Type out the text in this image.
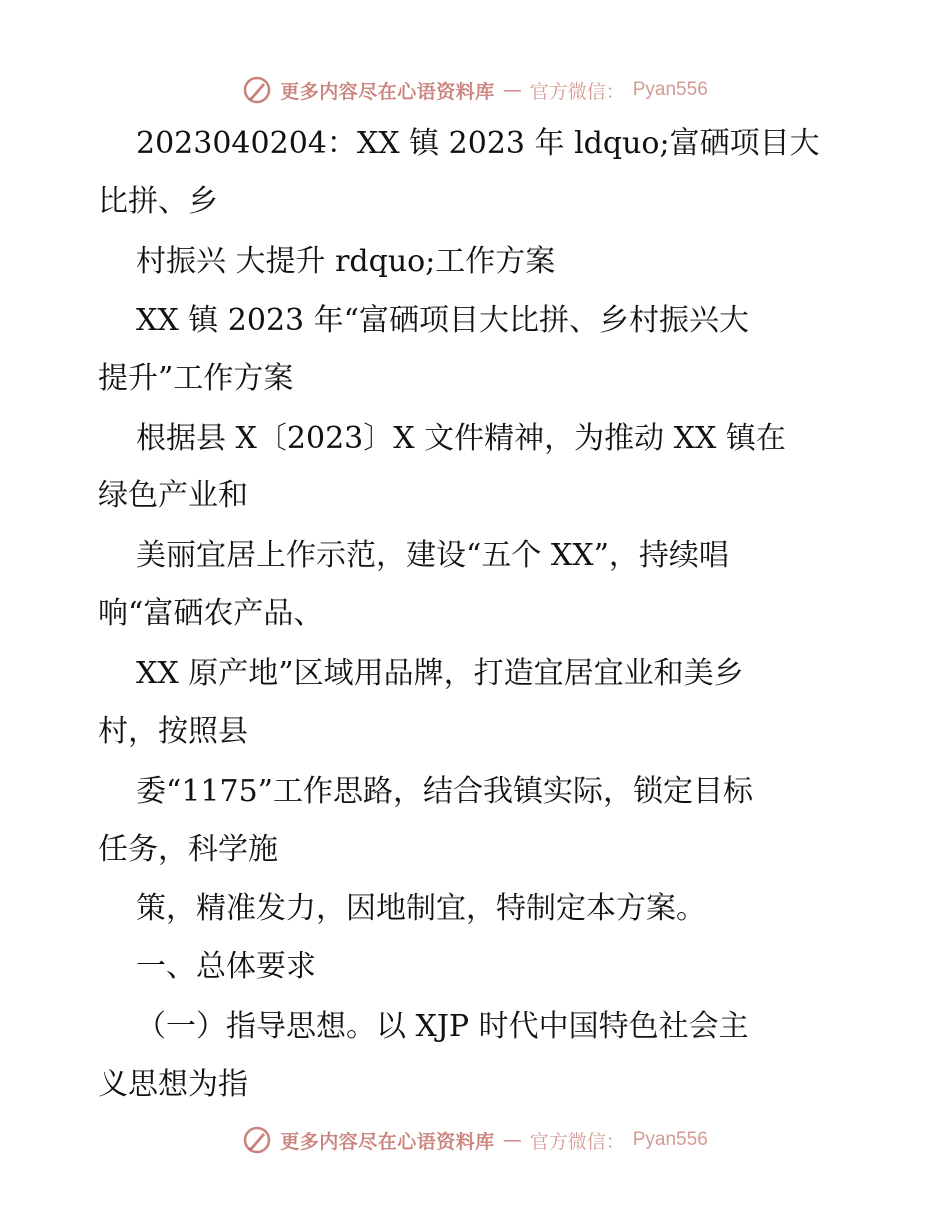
更多内容尽在心语资料库 — 官方微信： Pyan556
2023040204：XX 镇 2023 年 ldquo;富硒项目大
比拼、乡
村振兴 大提升 rdquo;工作方案
XX 镇 2023 年“富硒项目大比拼、乡村振兴大
提升”工作方案
根据县 X〔2023〕X 文件精神，为推动 XX 镇在
绿色产业和
美丽宜居上作示范，建设“五个 XX”，持续唱
响“富硒农产品、
XX 原产地”区域用品牌，打造宜居宜业和美乡
村，按照县
委“1175”工作思路，结合我镇实际，锁定目标
任务，科学施
策，精准发力，因地制宜，特制定本方案。
一、总体要求
（一）指导思想。以 XJP 时代中国特色社会主
义思想为指
更多内容尽在心语资料库 — 官方微信： Pyan556
